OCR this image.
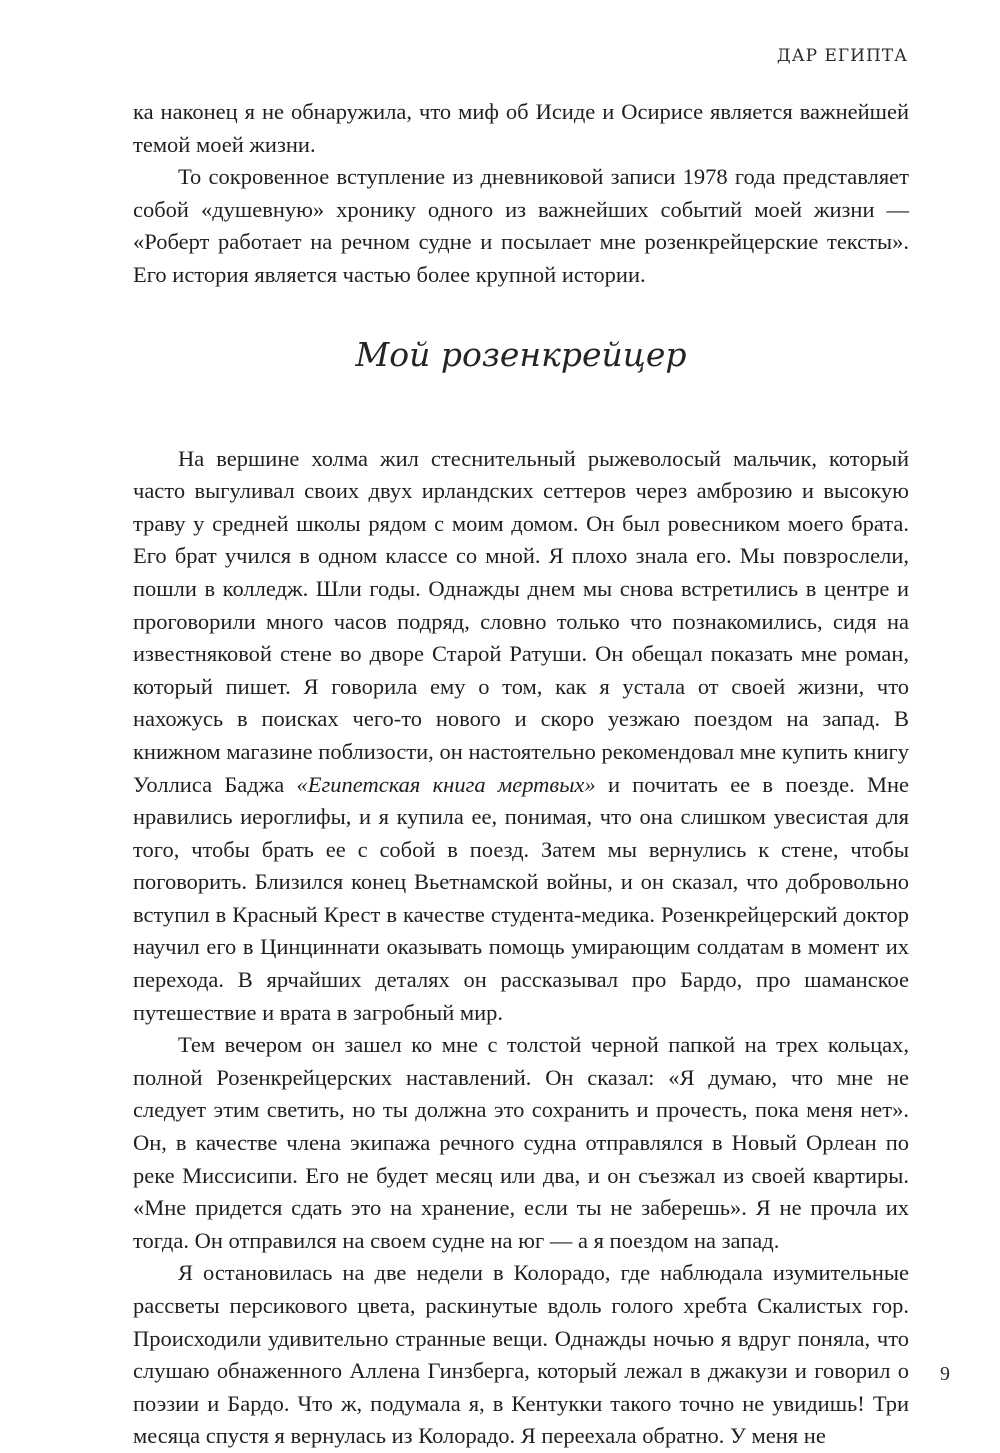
ДАР ЕГИПТА

ка наконец я не обнаружила, что миф об Исиде и Осирисе является важнейшей темой моей жизни.

То сокровенное вступление из дневниковой записи 1978 года представляет собой «душевную» хронику одного из важнейших событий моей жизни — «Роберт работает на речном судне и посылает мне розенкрейцерские тексты». Его история является частью более крупной истории.

Мой розенкрейцер

На вершине холма жил стеснительный рыжеволосый мальчик, который часто выгуливал своих двух ирландских сеттеров через амброзию и высокую траву у средней школы рядом с моим домом. Он был ровесником моего брата. Его брат учился в одном классе со мной. Я плохо знала его. Мы повзрослели, пошли в колледж. Шли годы. Однажды днем мы снова встретились в центре и проговорили много часов подряд, словно только что познакомились, сидя на известняковой стене во дворе Старой Ратуши. Он обещал показать мне роман, который пишет. Я говорила ему о том, как я устала от своей жизни, что нахожусь в поисках чего-то нового и скоро уезжаю поездом на запад. В книжном магазине поблизости, он настоятельно рекомендовал мне купить книгу Уоллиса Баджа «Египетская книга мертвых» и почитать ее в поезде. Мне нравились иероглифы, и я купила ее, понимая, что она слишком увесистая для того, чтобы брать ее с собой в поезд. Затем мы вернулись к стене, чтобы поговорить. Близился конец Вьетнамской войны, и он сказал, что добровольно вступил в Красный Крест в качестве студента-медика. Розенкрейцерский доктор научил его в Цинциннати оказывать помощь умирающим солдатам в момент их перехода. В ярчайших деталях он рассказывал про Бардо, про шаманское путешествие и врата в загробный мир.

Тем вечером он зашел ко мне с толстой черной папкой на трех кольцах, полной Розенкрейцерских наставлений. Он сказал: «Я думаю, что мне не следует этим светить, но ты должна это сохранить и прочесть, пока меня нет». Он, в качестве члена экипажа речного судна отправлялся в Новый Орлеан по реке Миссисипи. Его не будет месяц или два, и он съезжал из своей квартиры. «Мне придется сдать это на хранение, если ты не заберешь». Я не прочла их тогда. Он отправился на своем судне на юг — а я поездом на запад.

Я остановилась на две недели в Колорадо, где наблюдала изумительные рассветы персикового цвета, раскинутые вдоль голого хребта Скалистых гор. Происходили удивительно странные вещи. Однажды ночью я вдруг поняла, что слушаю обнаженного Аллена Гинзберга, который лежал в джакузи и говорил о поэзии и Бардо. Что ж, подумала я, в Кентукки такого точно не увидишь! Три месяца спустя я вернулась из Колорадо. Я переехала обратно. У меня не

9
